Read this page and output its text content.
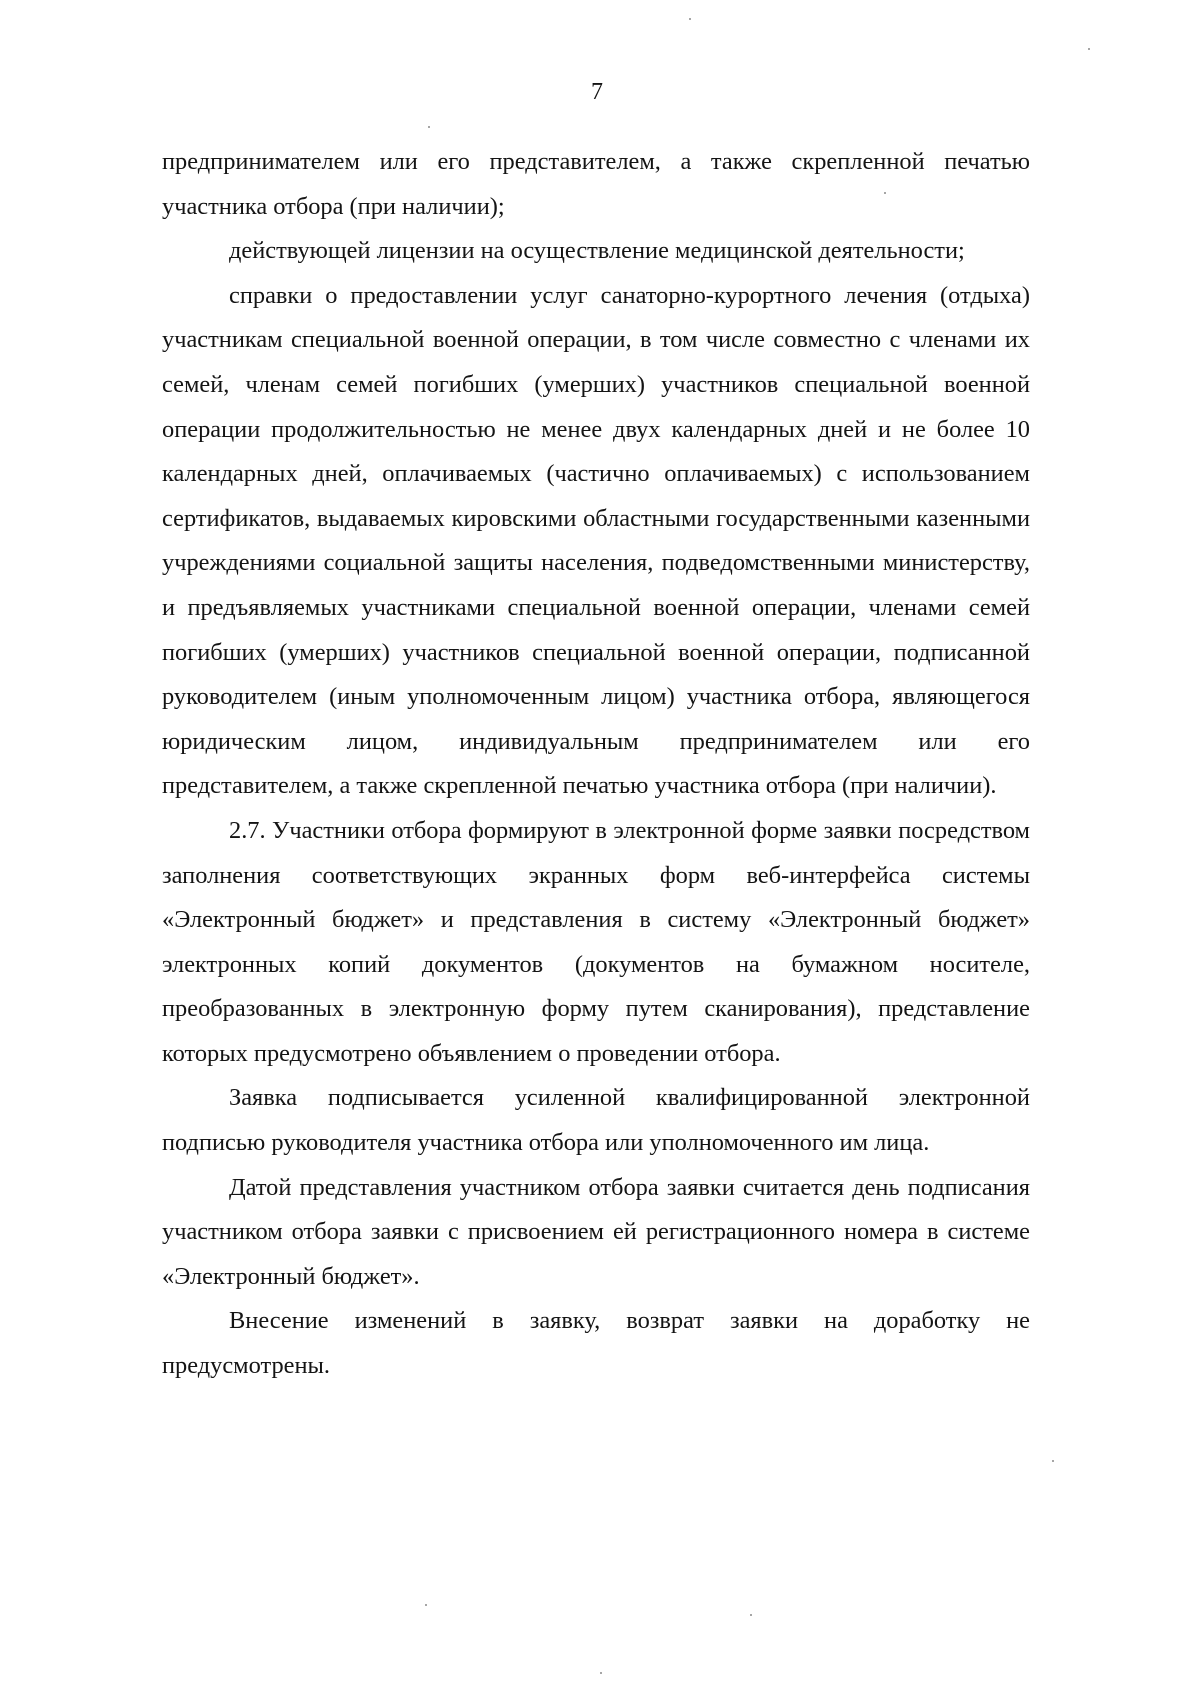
7

предпринимателем или его представителем, а также скрепленной печатью участника отбора (при наличии);

действующей лицензии на осуществление медицинской деятельности;

справки о предоставлении услуг санаторно-курортного лечения (отдыха) участникам специальной военной операции, в том числе совместно с членами их семей, членам семей погибших (умерших) участников специальной военной операции продолжительностью не менее двух календарных дней и не более 10 календарных дней, оплачиваемых (частично оплачиваемых) с использованием сертификатов, выдаваемых кировскими областными государственными казенными учреждениями социальной защиты населения, подведомственными министерству, и предъявляемых участниками специальной военной операции, членами семей погибших (умерших) участников специальной военной операции, подписанной руководителем (иным уполномоченным лицом) участника отбора, являющегося юридическим лицом, индивидуальным предпринимателем или его представителем, а также скрепленной печатью участника отбора (при наличии).

2.7. Участники отбора формируют в электронной форме заявки посредством заполнения соответствующих экранных форм веб-интерфейса системы «Электронный бюджет» и представления в систему «Электронный бюджет» электронных копий документов (документов на бумажном носителе, преобразованных в электронную форму путем сканирования), представление которых предусмотрено объявлением о проведении отбора.

Заявка подписывается усиленной квалифицированной электронной подписью руководителя участника отбора или уполномоченного им лица.

Датой представления участником отбора заявки считается день подписания участником отбора заявки с присвоением ей регистрационного номера в системе «Электронный бюджет».

Внесение изменений в заявку, возврат заявки на доработку не предусмотрены.
